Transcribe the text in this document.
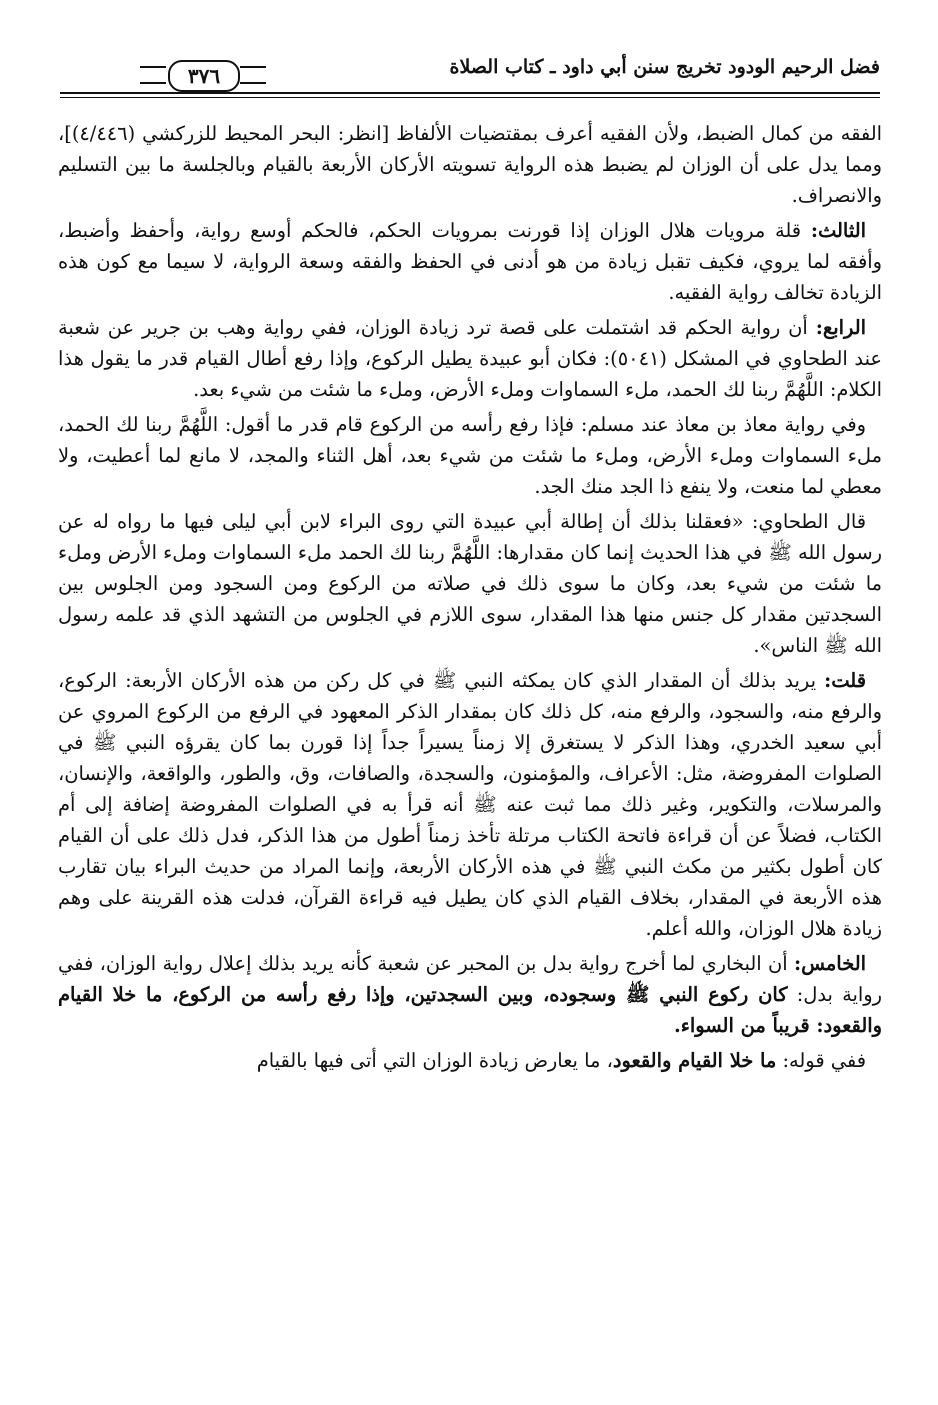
فضل الرحيم الودود تخريج سنن أبي داود ـ كتاب الصلاة
٣٧٦

الفقه من كمال الضبط، ولأن الفقيه أعرف بمقتضيات الألفاظ [انظر: البحر المحيط للزركشي (٤/٤٤٦)]، ومما يدل على أن الوزان لم يضبط هذه الرواية تسويته الأركان الأربعة بالقيام وبالجلسة ما بين التسليم والانصراف.

الثالث: قلة مرويات هلال الوزان إذا قورنت بمرويات الحكم، فالحكم أوسع رواية، وأحفظ وأضبط، وأفقه لما يروي، فكيف تقبل زيادة من هو أدنى في الحفظ والفقه وسعة الرواية، لا سيما مع كون هذه الزيادة تخالف رواية الفقيه.

الرابع: أن رواية الحكم قد اشتملت على قصة ترد زيادة الوزان، ففي رواية وهب بن جرير عن شعبة عند الطحاوي في المشكل (٥٠٤١): فكان أبو عبيدة يطيل الركوع، وإذا رفع أطال القيام قدر ما يقول هذا الكلام: اللَّهُمَّ ربنا لك الحمد، ملء السماوات وملء الأرض، وملء ما شئت من شيء بعد.

وفي رواية معاذ بن معاذ عند مسلم: فإذا رفع رأسه من الركوع قام قدر ما أقول: اللَّهُمَّ ربنا لك الحمد، ملء السماوات وملء الأرض، وملء ما شئت من شيء بعد، أهل الثناء والمجد، لا مانع لما أعطيت، ولا معطي لما منعت، ولا ينفع ذا الجد منك الجد.

قال الطحاوي: «فعقلنا بذلك أن إطالة أبي عبيدة التي روى البراء لابن أبي ليلى فيها ما رواه له عن رسول الله ﷺ في هذا الحديث إنما كان مقدارها: اللَّهُمَّ ربنا لك الحمد ملء السماوات وملء الأرض وملء ما شئت من شيء بعد، وكان ما سوى ذلك في صلاته من الركوع ومن السجود ومن الجلوس بين السجدتين مقدار كل جنس منها هذا المقدار، سوى اللازم في الجلوس من التشهد الذي قد علمه رسول الله ﷺ الناس».

قلت: يريد بذلك أن المقدار الذي كان يمكثه النبي ﷺ في كل ركن من هذه الأركان الأربعة: الركوع، والرفع منه، والسجود، والرفع منه، كل ذلك كان بمقدار الذكر المعهود في الرفع من الركوع المروي عن أبي سعيد الخدري، وهذا الذكر لا يستغرق إلا زمناً يسيراً جداً إذا قورن بما كان يقرؤه النبي ﷺ في الصلوات المفروضة، مثل: الأعراف، والمؤمنون، والسجدة، والصافات، وق، والطور، والواقعة، والإنسان، والمرسلات، والتكوير، وغير ذلك مما ثبت عنه ﷺ أنه قرأ به في الصلوات المفروضة إضافة إلى أم الكتاب، فضلاً عن أن قراءة فاتحة الكتاب مرتلة تأخذ زمناً أطول من هذا الذكر، فدل ذلك على أن القيام كان أطول بكثير من مكث النبي ﷺ في هذه الأركان الأربعة، وإنما المراد من حديث البراء بيان تقارب هذه الأربعة في المقدار، بخلاف القيام الذي كان يطيل فيه قراءة القرآن، فدلت هذه القرينة على وهم زيادة هلال الوزان، والله أعلم.

الخامس: أن البخاري لما أخرج رواية بدل بن المحبر عن شعبة كأنه يريد بذلك إعلال رواية الوزان، ففي رواية بدل: كان ركوع النبي ﷺ وسجوده، وبين السجدتين، وإذا رفع رأسه من الركوع، ما خلا القيام والقعود: قريباً من السواء.

ففي قوله: ما خلا القيام والقعود، ما يعارض زيادة الوزان التي أتى فيها بالقيام
